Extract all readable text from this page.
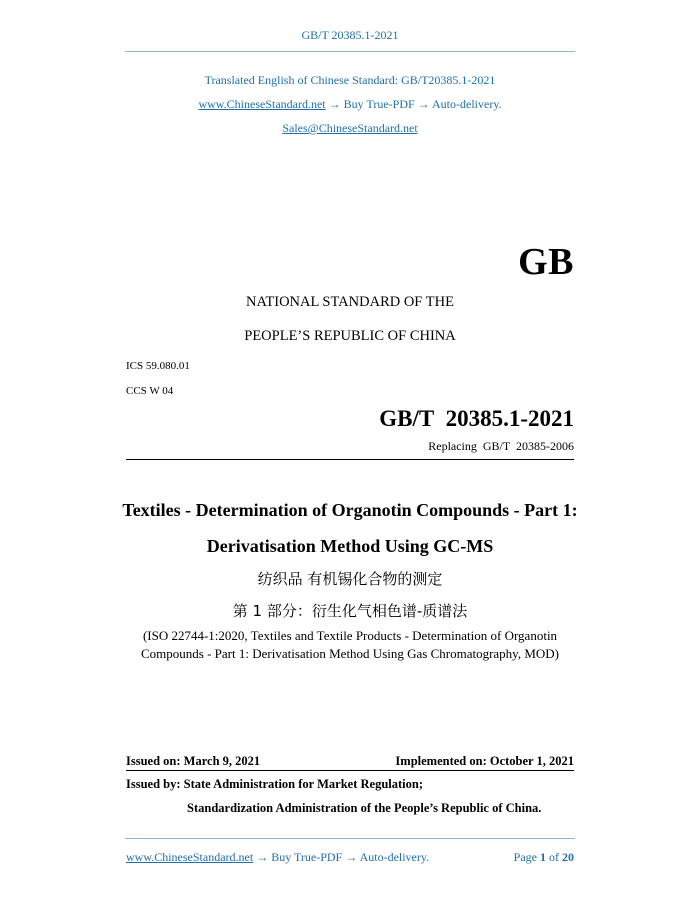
GB/T 20385.1-2021
Translated English of Chinese Standard: GB/T20385.1-2021
www.ChineseStandard.net → Buy True-PDF → Auto-delivery.
Sales@ChineseStandard.net
GB
NATIONAL STANDARD OF THE
PEOPLE’S REPUBLIC OF CHINA
ICS 59.080.01
CCS W 04
GB/T 20385.1-2021
Replacing GB/T 20385-2006
Textiles - Determination of Organotin Compounds - Part 1:
Derivatisation Method Using GC-MS
纺织品 有机锡化合物的测定
第 1 部分：衍生化气相色谱-质谱法
(ISO 22744-1:2020, Textiles and Textile Products - Determination of Organotin
Compounds - Part 1: Derivatisation Method Using Gas Chromatography, MOD)
Issued on: March 9, 2021	Implemented on: October 1, 2021
Issued by: State Administration for Market Regulation;
Standardization Administration of the People’s Republic of China.
www.ChineseStandard.net → Buy True-PDF → Auto-delivery.	Page 1 of 20
